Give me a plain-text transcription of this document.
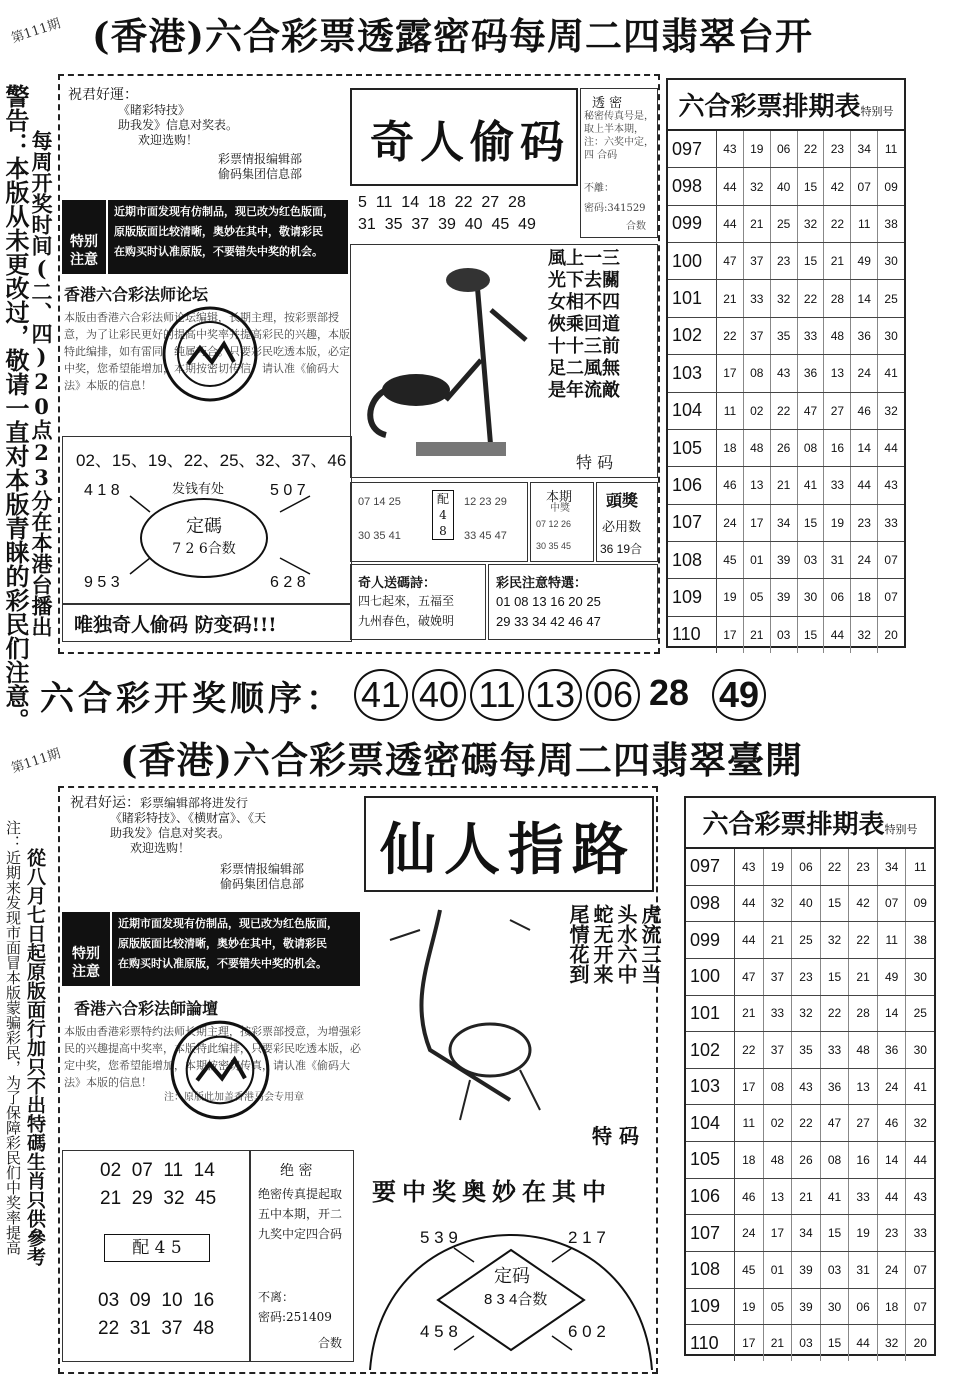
第111期 (香港)六合彩票透露密码每周二四翡翠台开
警告：本版从未更改过，敬请一直对本版青睐的彩民们注意。 每周开奖时间(二、四)20点23分在本港台播出
祝君好運：
《睹彩特技》
助我发》信息对奖表。
欢迎选购！
彩票情报编辑部
偷码集团信息部
特别
注意
近期市面发现有仿制品，现已改为红色版面，
原版版面比较清晰，奥妙在其中，敬请彩民
在购买时认准原版，不要错失中奖的机会。
香港六合彩法师论坛
本版由香港六合彩法师论坛编辑，长期主理，按彩票部授意，为了让彩民更好的提高中奖率并提高彩民的兴趣，本版特此编排，如有雷同，纯属巧合。只要彩民吃透本版，必定中奖，您希望能增加，本期按密切传信，请认准《偷码大法》本版的信息！
02、15、19、22、25、32、37、46
4 1 8	5 0 7
9 5 3	6 2 8
发钱有处
定碼
7 2 6合数
唯独奇人偷码 防变码!!!
奇人偷码
5  11  14  18  22  27  28
31  35  37  39  40  45  49
透 密
秘密传真号是，取上半本期，注：六奖中定，四 合码
不離：
密码:341529
合数
風上一三
光下去關
女相不四
俠乘回道
十十三前
足二風無
是年流敵
特 码
07 14 25
30 35 41
配
4
8
12 23 29
33 45 47
本期
中獎
07 12 26
30 35 45
頭獎
必用数
36 19合
奇人送碼詩：
四七起來，五福至
九州春色，破娩明
彩民注意特選：
01 08 13 16 20 25
29 33 34 42 46 47
六合彩票排期表特别号
097	43	19	06	22	23	34	11
098	44	32	40	15	42	07	09
099	44	21	25	32	22	11	38
100	47	37	23	15	21	49	30
101	21	33	32	22	28	14	25
102	22	37	35	33	48	36	30
103	17	08	43	36	13	24	41
104	11	02	22	47	27	46	32
105	18	48	26	08	16	14	44
106	46	13	21	41	33	44	43
107	24	17	34	15	19	23	33
108	45	01	39	03	31	24	07
109	19	05	39	30	06	18	07
110	17	21	03	15	44	32	20
六合彩开奖顺序： 41 40 11 13 06 28 49
第111期 (香港)六合彩票透密碼每周二四翡翠臺開
注：近期来发现市面冒本版蒙骗彩民，为了保障彩民们中奖率提高 從八月七日起原版面行加只不出特碼生肖只供參考
祝君好运：彩票编辑部将进发行
《睹彩特技》、《横财富》、《天
助我发》信息对奖表。
欢迎选购！
彩票情报编辑部
偷码集团信息部
特别
注意
近期市面发现有仿制品，现已改为红色版面，
原版版面比较清晰，奥妙在其中，敬请彩民
在购买时认准原版，不要错失中奖的机会。
香港六合彩法師論壇
本版由香港彩票特约法师长期主理，按彩票部授意，为增强彩民的兴趣提高中奖率，本版特此编排，只要彩民吃透本版，必定中奖，您希望能增加，本期按密切传真，请认准《偷码大法》本版的信息！
注：原版此加盖香港马会专用章
02  07  11  14
21  29  32  45
配 4 5
03  09  10  16
22  31  37  48
绝 密
绝密传真提起取五中本期，开二九奖中定四合码
不离：
密码:251409
合数
仙人指路
虎流三当
头水六中
蛇无开来
尾情花到
特 码
要中奖奥妙在其中
5 3 9	2 1 7
4 5 8	6 0 2
定码
8 3 4合数
六合彩票排期表特别号
097	43	19	06	22	23	34	11
098	44	32	40	15	42	07	09
099	44	21	25	32	22	11	38
100	47	37	23	15	21	49	30
101	21	33	32	22	28	14	25
102	22	37	35	33	48	36	30
103	17	08	43	36	13	24	41
104	11	02	22	47	27	46	32
105	18	48	26	08	16	14	44
106	46	13	21	41	33	44	43
107	24	17	34	15	19	23	33
108	45	01	39	03	31	24	07
109	19	05	39	30	06	18	07
110	17	21	03	15	44	32	20
